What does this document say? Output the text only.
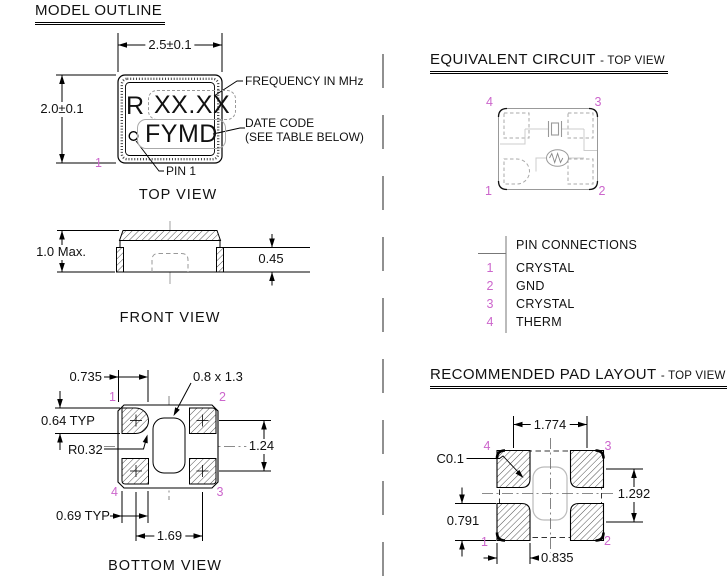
MODEL OUTLINE
2.5±0.1
2.0±0.1 R XX.XX
FYMD
FREQUENCY IN MHz
DATE CODE
(SEE TABLE BELOW)
PIN 1
1
TOP VIEW
1.0 Max.	0.45
FRONT VIEW
0.735	0.8 x 1.3
0.64 TYP
R0.32
0.69 TYP
1.69
1.24
1	2
3
4
BOTTOM VIEW
EQUIVALENT CIRCUIT - TOP VIEW
4	3
1	2
PIN CONNECTIONS
1 CRYSTAL
2 GND
3 CRYSTAL
4 THERM
RECOMMENDED PAD LAYOUT - TOP VIEW
1.774
C0.1
1.292
0.791
0.835
4	3
1	2
